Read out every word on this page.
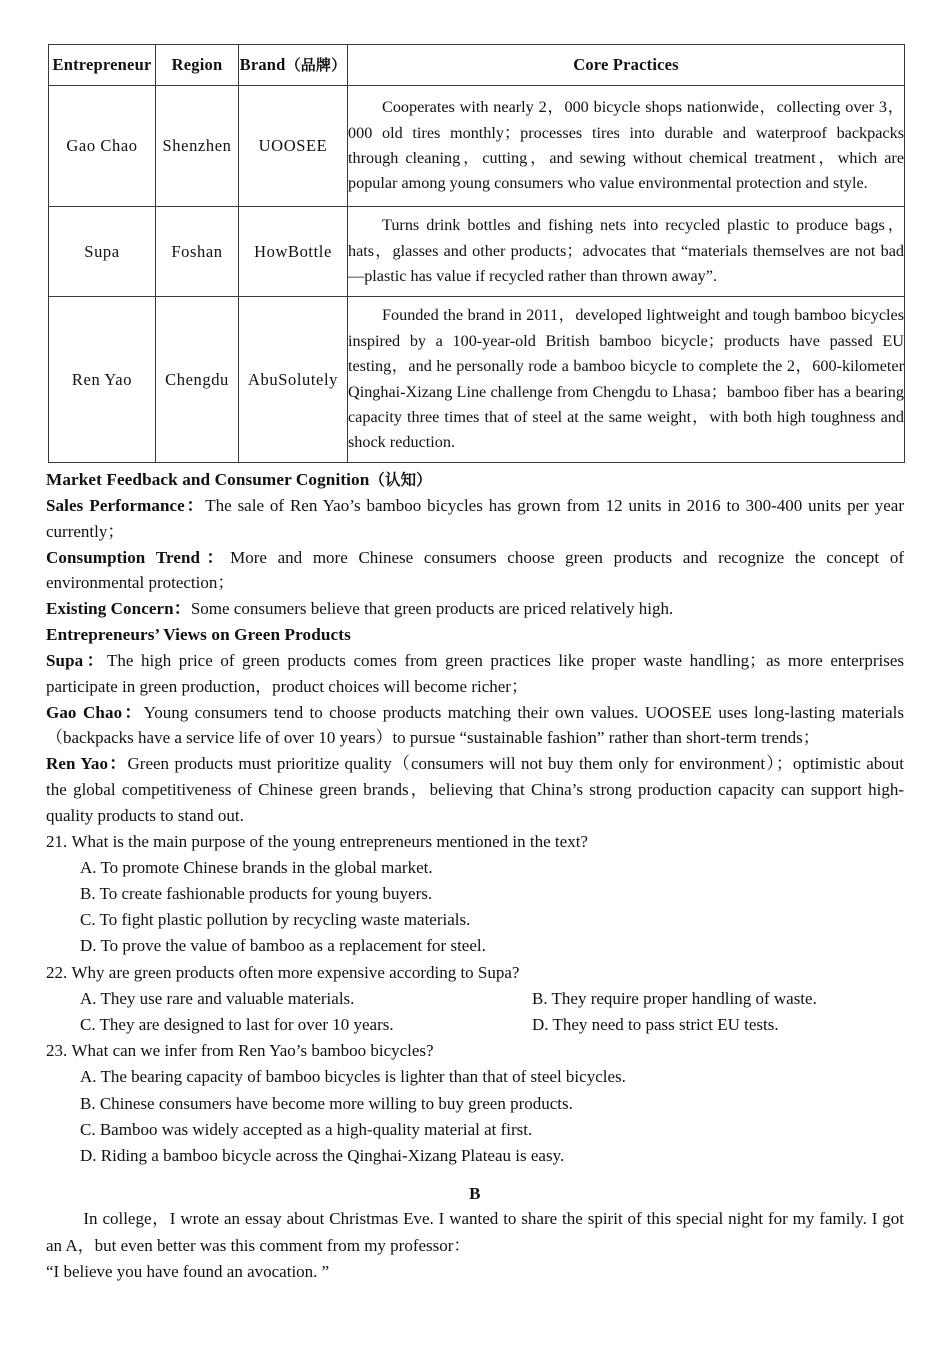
Entrepreneur	Region	Brand（品牌）	Core Practices
Gao Chao	Shenzhen	UOOSEE	Cooperates with nearly 2，000 bicycle shops nationwide，collecting over 3，000 old tires monthly；processes tires into durable and waterproof backpacks through cleaning，cutting，and sewing without chemical treatment，which are popular among young consumers who value environmental protection and style.
Supa	Foshan	HowBottle	Turns drink bottles and fishing nets into recycled plastic to produce bags，hats，glasses and other products；advocates that “materials themselves are not bad—plastic has value if recycled rather than thrown away”.
Ren Yao	Chengdu	AbuSolutely	Founded the brand in 2011，developed lightweight and tough bamboo bicycles inspired by a 100-year-old British bamboo bicycle；products have passed EU testing，and he personally rode a bamboo bicycle to complete the 2，600-kilometer Qinghai-Xizang Line challenge from Chengdu to Lhasa；bamboo fiber has a bearing capacity three times that of steel at the same weight，with both high toughness and shock reduction.
Market Feedback and Consumer Cognition（认知）

Sales Performance：The sale of Ren Yao’s bamboo bicycles has grown from 12 units in 2016 to 300-400 units per year currently；

Consumption Trend：More and more Chinese consumers choose green products and recognize the concept of environmental protection；

Existing Concern：Some consumers believe that green products are priced relatively high.

Entrepreneurs’ Views on Green Products

Supa：The high price of green products comes from green practices like proper waste handling；as more enterprises participate in green production，product choices will become richer；

Gao Chao：Young consumers tend to choose products matching their own values. UOOSEE uses long-lasting materials（backpacks have a service life of over 10 years）to pursue “sustainable fashion” rather than short-term trends；

Ren Yao：Green products must prioritize quality（consumers will not buy them only for environment）；optimistic about the global competitiveness of Chinese green brands，believing that China’s strong production capacity can support high-quality products to stand out.

21. What is the main purpose of the young entrepreneurs mentioned in the text?

A. To promote Chinese brands in the global market.

B. To create fashionable products for young buyers.

C. To fight plastic pollution by recycling waste materials.

D. To prove the value of bamboo as a replacement for steel.

22. Why are green products often more expensive according to Supa?

A. They use rare and valuable materials.	B. They require proper handling of waste.
C. They are designed to last for over 10 years.	D. They need to pass strict EU tests.

23. What can we infer from Ren Yao’s bamboo bicycles?

A. The bearing capacity of bamboo bicycles is lighter than that of steel bicycles.

B. Chinese consumers have become more willing to buy green products.

C. Bamboo was widely accepted as a high-quality material at first.

D. Riding a bamboo bicycle across the Qinghai-Xizang Plateau is easy.

B

In college，I wrote an essay about Christmas Eve. I wanted to share the spirit of this special night for my family. I got an A，but even better was this comment from my professor：

“I believe you have found an avocation. ”
